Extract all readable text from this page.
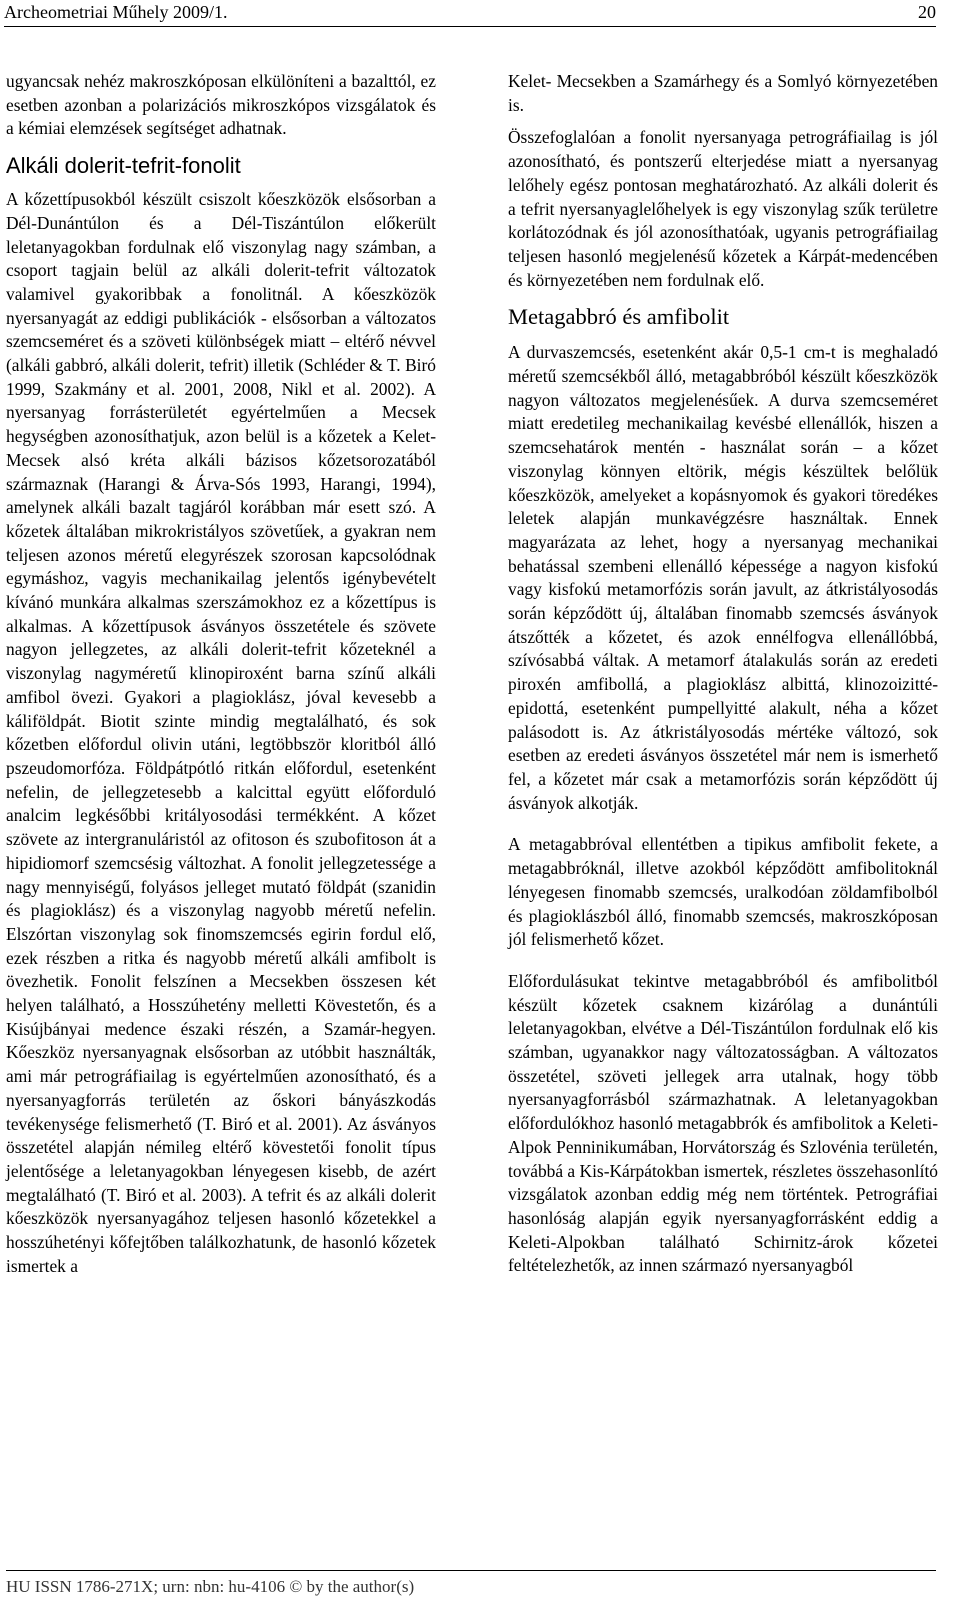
Archeometriai Műhely 2009/1.	20

ugyancsak nehéz makroszkóposan elkülöníteni a bazalttól, ez esetben azonban a polarizációs mikroszkópos vizsgálatok és a kémiai elemzések segítséget adhatnak.

Alkáli dolerit-tefrit-fonolit

A kőzettípusokból készült csiszolt kőeszközök elsősorban a Dél-Dunántúlon és a Dél-Tiszántúlon előkerült leletanyagokban fordulnak elő viszonylag nagy számban, a csoport tagjain belül az alkáli dolerit-tefrit változatok valamivel gyakoribbak a fonolitnál. A kőeszközök nyersanyagát az eddigi publikációk - elsősorban a változatos szemcseméret és a szöveti különbségek miatt – eltérő névvel (alkáli gabbró, alkáli dolerit, tefrit) illetik (Schléder & T. Biró 1999, Szakmány et al. 2001, 2008, Nikl et al. 2002). A nyersanyag forrásterületét egyértelműen a Mecsek hegységben azonosíthatjuk, azon belül is a kőzetek a Kelet-Mecsek alsó kréta alkáli bázisos kőzetsorozatából származnak (Harangi & Árva-Sós 1993, Harangi, 1994), amelynek alkáli bazalt tagjáról korábban már esett szó. A kőzetek általában mikrokristályos szövetűek, a gyakran nem teljesen azonos méretű elegyrészek szorosan kapcsolódnak egymáshoz, vagyis mechanikailag jelentős igénybevételt kívánó munkára alkalmas szerszámokhoz ez a kőzettípus is alkalmas. A kőzettípusok ásványos összetétele és szövete nagyon jellegzetes, az alkáli dolerit-tefrit kőzeteknél a viszonylag nagyméretű klinopiroxént barna színű alkáli amfibol övezi. Gyakori a plagioklász, jóval kevesebb a káliföldpát. Biotit szinte mindig megtalálható, és sok kőzetben előfordul olivin utáni, legtöbbször kloritból álló pszeudomorfóza. Földpátpótló ritkán előfordul, esetenként nefelin, de jellegzetesebb a kalcittal együtt előforduló analcim legkésőbbi kritályosodási termékként. A kőzet szövete az intergranuláristól az ofitoson és szubofitoson át a hipidiomorf szemcsésig változhat. A fonolit jellegzetessége a nagy mennyiségű, folyásos jelleget mutató földpát (szanidin és plagioklász) és a viszonylag nagyobb méretű nefelin. Elszórtan viszonylag sok finomszemcsés egirin fordul elő, ezek részben a ritka és nagyobb méretű alkáli amfibolt is övezhetik. Fonolit felszínen a Mecsekben összesen két helyen található, a Hosszúhetény melletti Kövestetőn, és a Kisújbányai medence északi részén, a Szamár-hegyen. Kőeszköz nyersanyagnak elsősorban az utóbbit használták, ami már petrográfiailag is egyértelműen azonosítható, és a nyersanyagforrás területén az őskori bányászkodás tevékenysége felismerhető (T. Biró et al. 2001). Az ásványos összetétel alapján némileg eltérő kövestetői fonolit típus jelentősége a leletanyagokban lényegesen kisebb, de azért megtalálható (T. Biró et al. 2003). A tefrit és az alkáli dolerit kőeszközök nyersanyagához teljesen hasonló kőzetekkel a hosszúhetényi kőfejtőben találkozhatunk, de hasonló kőzetek ismertek a

Kelet- Mecsekben a Szamárhegy és a Somlyó környezetében is.

Összefoglalóan a fonolit nyersanyaga petrográfiailag is jól azonosítható, és pontszerű elterjedése miatt a nyersanyag lelőhely egész pontosan meghatározható. Az alkáli dolerit és a tefrit nyersanyaglelőhelyek is egy viszonylag szűk területre korlátozódnak és jól azonosíthatóak, ugyanis petrográfiailag teljesen hasonló megjelenésű kőzetek a Kárpát-medencében és környezetében nem fordulnak elő.

Metagabbró és amfibolit

A durvaszemcsés, esetenként akár 0,5-1 cm-t is meghaladó méretű szemcsékből álló, metagabbróból készült kőeszközök nagyon változatos megjelenésűek. A durva szemcseméret miatt eredetileg mechanikailag kevésbé ellenállók, hiszen a szemcsehatárok mentén - használat során – a kőzet viszonylag könnyen eltörik, mégis készültek belőlük kőeszközök, amelyeket a kopásnyomok és gyakori töredékes leletek alapján munkavégzésre használtak. Ennek magyarázata az lehet, hogy a nyersanyag mechanikai behatással szembeni ellenálló képessége a nagyon kisfokú vagy kisfokú metamorfózis során javult, az átkristályosodás során képződött új, általában finomabb szemcsés ásványok átszőtték a kőzetet, és azok ennélfogva ellenállóbbá, szívósabbá váltak. A metamorf átalakulás során az eredeti piroxén amfibollá, a plagioklász albittá, klinozoizitté-epidottá, esetenként pumpellyitté alakult, néha a kőzet palásodott is. Az átkristályosodás mértéke változó, sok esetben az eredeti ásványos összetétel már nem is ismerhető fel, a kőzetet már csak a metamorfózis során képződött új ásványok alkotják.

A metagabbróval ellentétben a tipikus amfibolit fekete, a metagabbróknál, illetve azokból képződött amfibolitoknál lényegesen finomabb szemcsés, uralkodóan zöldamfibolból és plagioklászból álló, finomabb szemcsés, makroszkóposan jól felismerhető kőzet.

Előfordulásukat tekintve metagabbróból és amfibolitból készült kőzetek csaknem kizárólag a dunántúli leletanyagokban, elvétve a Dél-Tiszántúlon fordulnak elő kis számban, ugyanakkor nagy változatosságban. A változatos összetétel, szöveti jellegek arra utalnak, hogy több nyersanyagforrásból származhatnak. A leletanyagokban előfordulókhoz hasonló metagabbrók és amfibolitok a Keleti-Alpok Penninikumában, Horvátország és Szlovénia területén, továbbá a Kis-Kárpátokban ismertek, részletes összehasonlító vizsgálatok azonban eddig még nem történtek. Petrográfiai hasonlóság alapján egyik nyersanyagforrásként eddig a Keleti-Alpokban található Schirnitz-árok kőzetei feltételezhetők, az innen származó nyersanyagból

HU ISSN 1786-271X; urn: nbn: hu-4106 © by the author(s)
